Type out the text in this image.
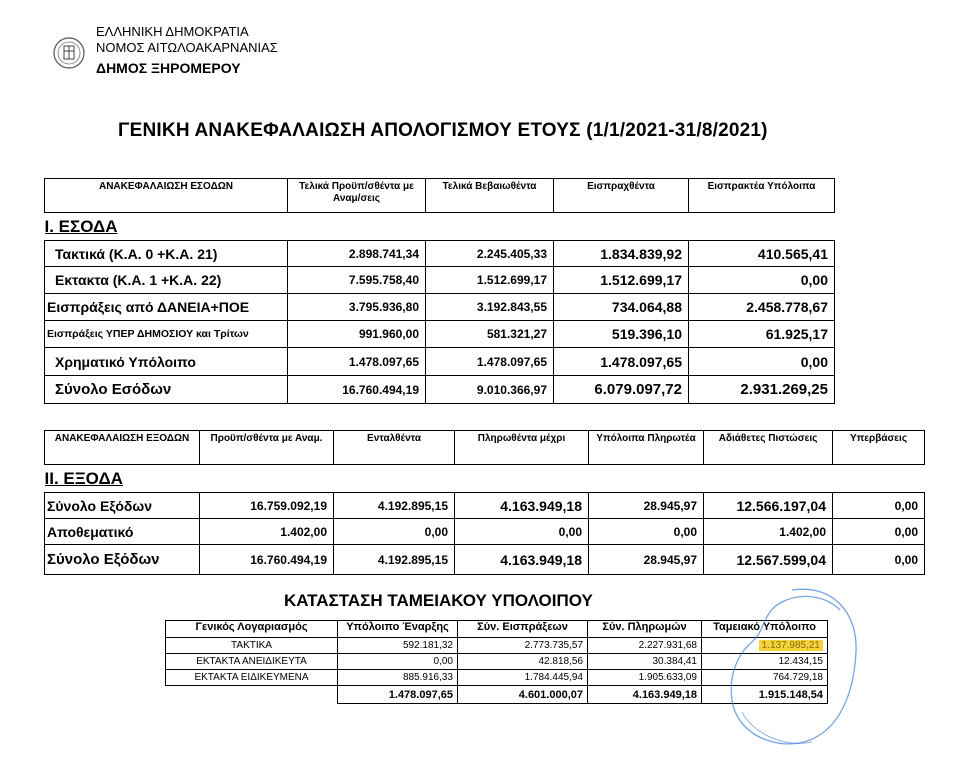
ΕΛΛΗΝΙΚΗ ΔΗΜΟΚΡΑΤΙΑ
ΝΟΜΟΣ ΑΙΤΩΛΟΑΚΑΡΝΑΝΙΑΣ
ΔΗΜΟΣ ΞΗΡΟΜΕΡΟΥ
ΓΕΝΙΚΗ ΑΝΑΚΕΦΑΛΑΙΩΣΗ ΑΠΟΛΟΓΙΣΜΟΥ ΕΤΟΥΣ (1/1/2021-31/8/2021)
ΑΝΑΚΕΦΑΛΑΙΩΣΗ ΕΣΟΔΩΝ	Τελικά Προϋπ/σθέντα με Αναμ/σεις	Τελικά Βεβαιωθέντα	Εισπραχθέντα	Εισπρακτέα Υπόλοιπα

I. ΕΣΟΔΑ				

Τακτικά (Κ.Α. 0 +Κ.Α. 21)	2.898.741,34	2.245.405,33	1.834.839,92	410.565,41
Εκτακτα (Κ.Α. 1 +Κ.Α. 22)	7.595.758,40	1.512.699,17	1.512.699,17	0,00
Εισπράξεις από ΔΑΝΕΙΑ+ΠΟΕ	3.795.936,80	3.192.843,55	734.064,88	2.458.778,67
Εισπράξεις ΥΠΕΡ ΔΗΜΟΣΙΟΥ και Τρίτων	991.960,00	581.321,27	519.396,10	61.925,17
Χρηματικό Υπόλοιπο	1.478.097,65	1.478.097,65	1.478.097,65	0,00
Σύνολο Εσόδων	16.760.494,19	9.010.366,97	6.079.097,72	2.931.269,25
ΑΝΑΚΕΦΑΛΑΙΩΣΗ ΕΞΟΔΩΝ	Προϋπ/σθέντα με Αναμ.	Ενταλθέντα	Πληρωθέντα μέχρι	Υπόλοιπα Πληρωτέα	Αδιάθετες Πιστώσεις	Υπερβάσεις

II. ΕΞΟΔΑ						

Σύνολο Εξόδων	16.759.092,19	4.192.895,15	4.163.949,18	28.945,97	12.566.197,04	0,00
Αποθεματικό	1.402,00	0,00	0,00	0,00	1.402,00	0,00
Σύνολο Εξόδων	16.760.494,19	4.192.895,15	4.163.949,18	28.945,97	12.567.599,04	0,00
ΚΑΤΑΣΤΑΣΗ ΤΑΜΕΙΑΚΟΥ ΥΠΟΛΟΙΠΟΥ
Γενικός Λογαριασμός	Υπόλοιπο Έναρξης	Σύν. Εισπράξεων	Σύν. Πληρωμών	Ταμειακό Υπόλοιπο
ΤΑΚΤΙΚΑ	592.181,32	2.773.735,57	2.227.931,68	1.137.985,21
ΕΚΤΑΚΤΑ ΑΝΕΙΔΙΚΕΥΤΑ	0,00	42.818,56	30.384,41	12.434,15
ΕΚΤΑΚΤΑ ΕΙΔΙΚΕΥΜΕΝΑ	885.916,33	1.784.445,94	1.905.633,09	764.729,18
	1.478.097,65	4.601.000,07	4.163.949,18	1.915.148,54
